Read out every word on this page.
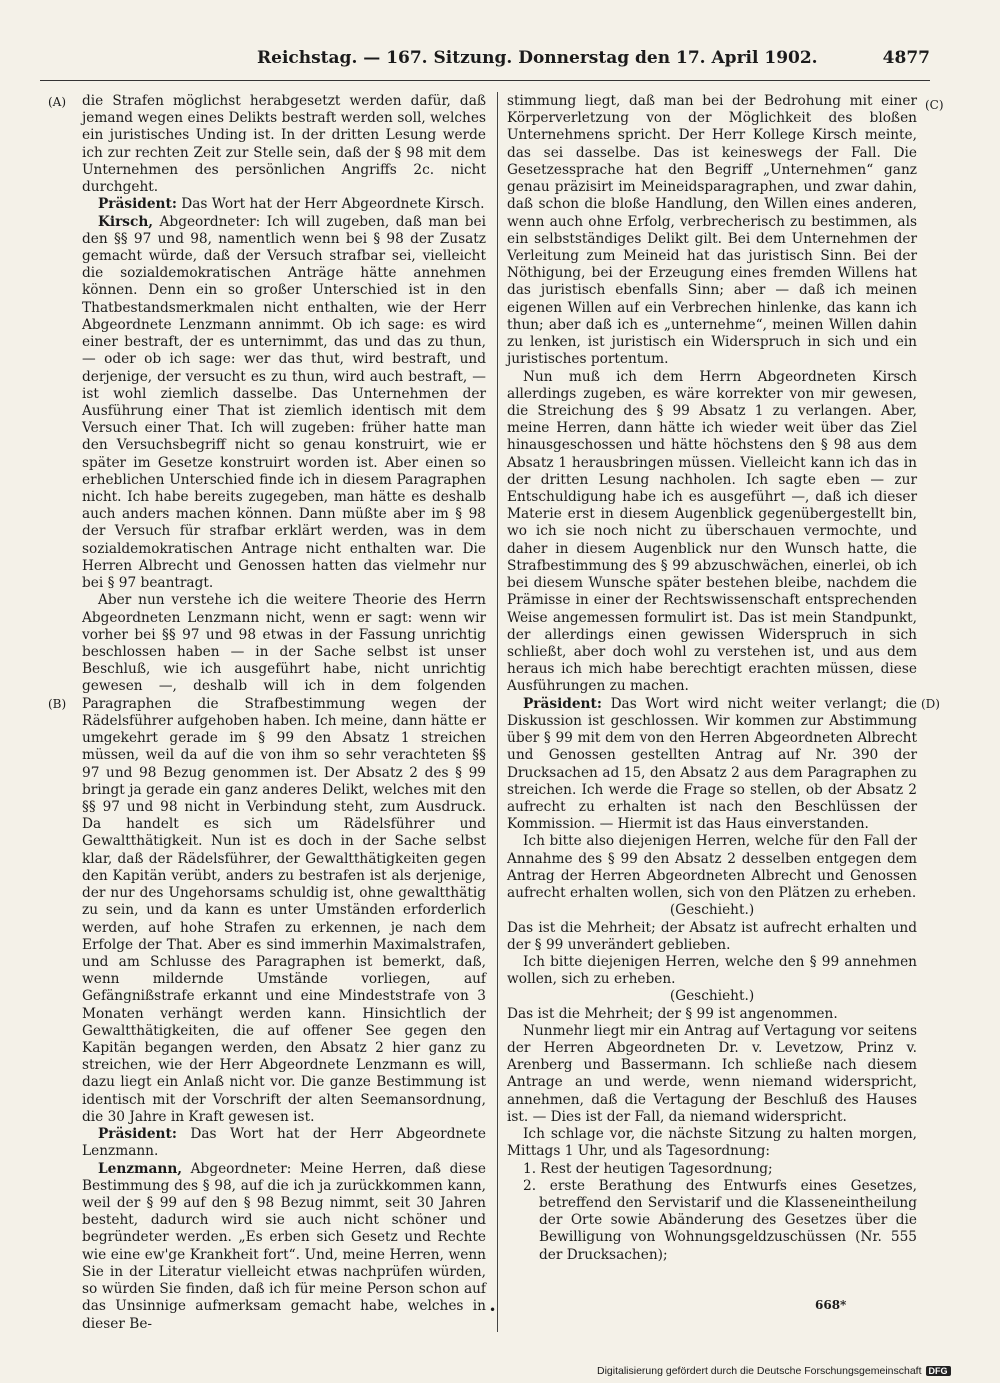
Reichstag. — 167. Sitzung. Donnerstag den 17. April 1902.	4877
(A)
(B)
(C)
(D)

die Strafen möglichst herabgesetzt werden dafür, daß jemand wegen eines Delikts bestraft werden soll, welches ein juristisches Unding ist. In der dritten Lesung werde ich zur rechten Zeit zur Stelle sein, daß der § 98 mit dem Unternehmen des persönlichen Angriffs 2c. nicht durchgeht.

Präsident: Das Wort hat der Herr Abgeordnete Kirsch.

Kirsch, Abgeordneter: Ich will zugeben, daß man bei den §§ 97 und 98, namentlich wenn bei § 98 der Zusatz gemacht würde, daß der Versuch strafbar sei, vielleicht die sozialdemokratischen Anträge hätte annehmen können. Denn ein so großer Unterschied ist in den Thatbestandsmerkmalen nicht enthalten, wie der Herr Abgeordnete Lenzmann annimmt. Ob ich sage: es wird einer bestraft, der es unternimmt, das und das zu thun, — oder ob ich sage: wer das thut, wird bestraft, und derjenige, der versucht es zu thun, wird auch bestraft, — ist wohl ziemlich dasselbe. Das Unternehmen der Ausführung einer That ist ziemlich identisch mit dem Versuch einer That. Ich will zugeben: früher hatte man den Versuchsbegriff nicht so genau konstruirt, wie er später im Gesetze konstruirt worden ist. Aber einen so erheblichen Unterschied finde ich in diesem Paragraphen nicht. Ich habe bereits zugegeben, man hätte es deshalb auch anders machen können. Dann müßte aber im § 98 der Versuch für strafbar erklärt werden, was in dem sozialdemokratischen Antrage nicht enthalten war. Die Herren Albrecht und Genossen hatten das vielmehr nur bei § 97 beantragt.

Aber nun verstehe ich die weitere Theorie des Herrn Abgeordneten Lenzmann nicht, wenn er sagt: wenn wir vorher bei §§ 97 und 98 etwas in der Fassung unrichtig beschlossen haben — in der Sache selbst ist unser Beschluß, wie ich ausgeführt habe, nicht unrichtig gewesen —, deshalb will ich in dem folgenden Paragraphen die Strafbestimmung wegen der Rädelsführer aufgehoben haben. Ich meine, dann hätte er umgekehrt gerade im § 99 den Absatz 1 streichen müssen, weil da auf die von ihm so sehr verachteten §§ 97 und 98 Bezug genommen ist. Der Absatz 2 des § 99 bringt ja gerade ein ganz anderes Delikt, welches mit den §§ 97 und 98 nicht in Verbindung steht, zum Ausdruck. Da handelt es sich um Rädelsführer und Gewaltthätigkeit. Nun ist es doch in der Sache selbst klar, daß der Rädelsführer, der Gewaltthätigkeiten gegen den Kapitän verübt, anders zu bestrafen ist als derjenige, der nur des Ungehorsams schuldig ist, ohne gewaltthätig zu sein, und da kann es unter Umständen erforderlich werden, auf hohe Strafen zu erkennen, je nach dem Erfolge der That. Aber es sind immerhin Maximalstrafen, und am Schlusse des Paragraphen ist bemerkt, daß, wenn mildernde Umstände vorliegen, auf Gefängnißstrafe erkannt und eine Mindeststrafe von 3 Monaten verhängt werden kann. Hinsichtlich der Gewaltthätigkeiten, die auf offener See gegen den Kapitän begangen werden, den Absatz 2 hier ganz zu streichen, wie der Herr Abgeordnete Lenzmann es will, dazu liegt ein Anlaß nicht vor. Die ganze Bestimmung ist identisch mit der Vorschrift der alten Seemansordnung, die 30 Jahre in Kraft gewesen ist.

Präsident: Das Wort hat der Herr Abgeordnete Lenzmann.

Lenzmann, Abgeordneter: Meine Herren, daß diese Bestimmung des § 98, auf die ich ja zurückkommen kann, weil der § 99 auf den § 98 Bezug nimmt, seit 30 Jahren besteht, dadurch wird sie auch nicht schöner und begründeter werden. „Es erben sich Gesetz und Rechte wie eine ew'ge Krankheit fort“. Und, meine Herren, wenn Sie in der Literatur vielleicht etwas nachprüfen würden, so würden Sie finden, daß ich für meine Person schon auf das Unsinnige aufmerksam gemacht habe, welches in dieser Be-

stimmung liegt, daß man bei der Bedrohung mit einer Körperverletzung von der Möglichkeit des bloßen Unternehmens spricht. Der Herr Kollege Kirsch meinte, das sei dasselbe. Das ist keineswegs der Fall. Die Gesetzessprache hat den Begriff „Unternehmen“ ganz genau präzisirt im Meineidsparagraphen, und zwar dahin, daß schon die bloße Handlung, den Willen eines anderen, wenn auch ohne Erfolg, verbrecherisch zu bestimmen, als ein selbstständiges Delikt gilt. Bei dem Unternehmen der Verleitung zum Meineid hat das juristisch Sinn. Bei der Nöthigung, bei der Erzeugung eines fremden Willens hat das juristisch ebenfalls Sinn; aber — daß ich meinen eigenen Willen auf ein Verbrechen hinlenke, das kann ich thun; aber daß ich es „unternehme“, meinen Willen dahin zu lenken, ist juristisch ein Widerspruch in sich und ein juristisches portentum.

Nun muß ich dem Herrn Abgeordneten Kirsch allerdings zugeben, es wäre korrekter von mir gewesen, die Streichung des § 99 Absatz 1 zu verlangen. Aber, meine Herren, dann hätte ich wieder weit über das Ziel hinausgeschossen und hätte höchstens den § 98 aus dem Absatz 1 herausbringen müssen. Vielleicht kann ich das in der dritten Lesung nachholen. Ich sagte eben — zur Entschuldigung habe ich es ausgeführt —, daß ich dieser Materie erst in diesem Augenblick gegenübergestellt bin, wo ich sie noch nicht zu überschauen vermochte, und daher in diesem Augenblick nur den Wunsch hatte, die Strafbestimmung des § 99 abzuschwächen, einerlei, ob ich bei diesem Wunsche später bestehen bleibe, nachdem die Prämisse in einer der Rechtswissenschaft entsprechenden Weise angemessen formulirt ist. Das ist mein Standpunkt, der allerdings einen gewissen Widerspruch in sich schließt, aber doch wohl zu verstehen ist, und aus dem heraus ich mich habe berechtigt erachten müssen, diese Ausführungen zu machen.

Präsident: Das Wort wird nicht weiter verlangt; die Diskussion ist geschlossen. Wir kommen zur Abstimmung über § 99 mit dem von den Herren Abgeordneten Albrecht und Genossen gestellten Antrag auf Nr. 390 der Drucksachen ad 15, den Absatz 2 aus dem Paragraphen zu streichen. Ich werde die Frage so stellen, ob der Absatz 2 aufrecht zu erhalten ist nach den Beschlüssen der Kommission. — Hiermit ist das Haus einverstanden.

Ich bitte also diejenigen Herren, welche für den Fall der Annahme des § 99 den Absatz 2 desselben entgegen dem Antrag der Herren Abgeordneten Albrecht und Genossen aufrecht erhalten wollen, sich von den Plätzen zu erheben.

(Geschieht.)

Das ist die Mehrheit; der Absatz ist aufrecht erhalten und der § 99 unverändert geblieben.

Ich bitte diejenigen Herren, welche den § 99 annehmen wollen, sich zu erheben.

(Geschieht.)

Das ist die Mehrheit; der § 99 ist angenommen.

Nunmehr liegt mir ein Antrag auf Vertagung vor seitens der Herren Abgeordneten Dr. v. Levetzow, Prinz v. Arenberg und Bassermann. Ich schließe nach diesem Antrage an und werde, wenn niemand widerspricht, annehmen, daß die Vertagung der Beschluß des Hauses ist. — Dies ist der Fall, da niemand widerspricht.

Ich schlage vor, die nächste Sitzung zu halten morgen, Mittags 1 Uhr, und als Tagesordnung:

1. Rest der heutigen Tagesordnung;
2. erste Berathung des Entwurfs eines Gesetzes, betreffend den Servistarif und die Klasseneintheilung der Orte sowie Abänderung des Gesetzes über die Bewilligung von Wohnungsgeldzuschüssen (Nr. 555 der Drucksachen);
•	668*
Digitalisierung gefördert durch die Deutsche Forschungsgemeinschaft DFG
